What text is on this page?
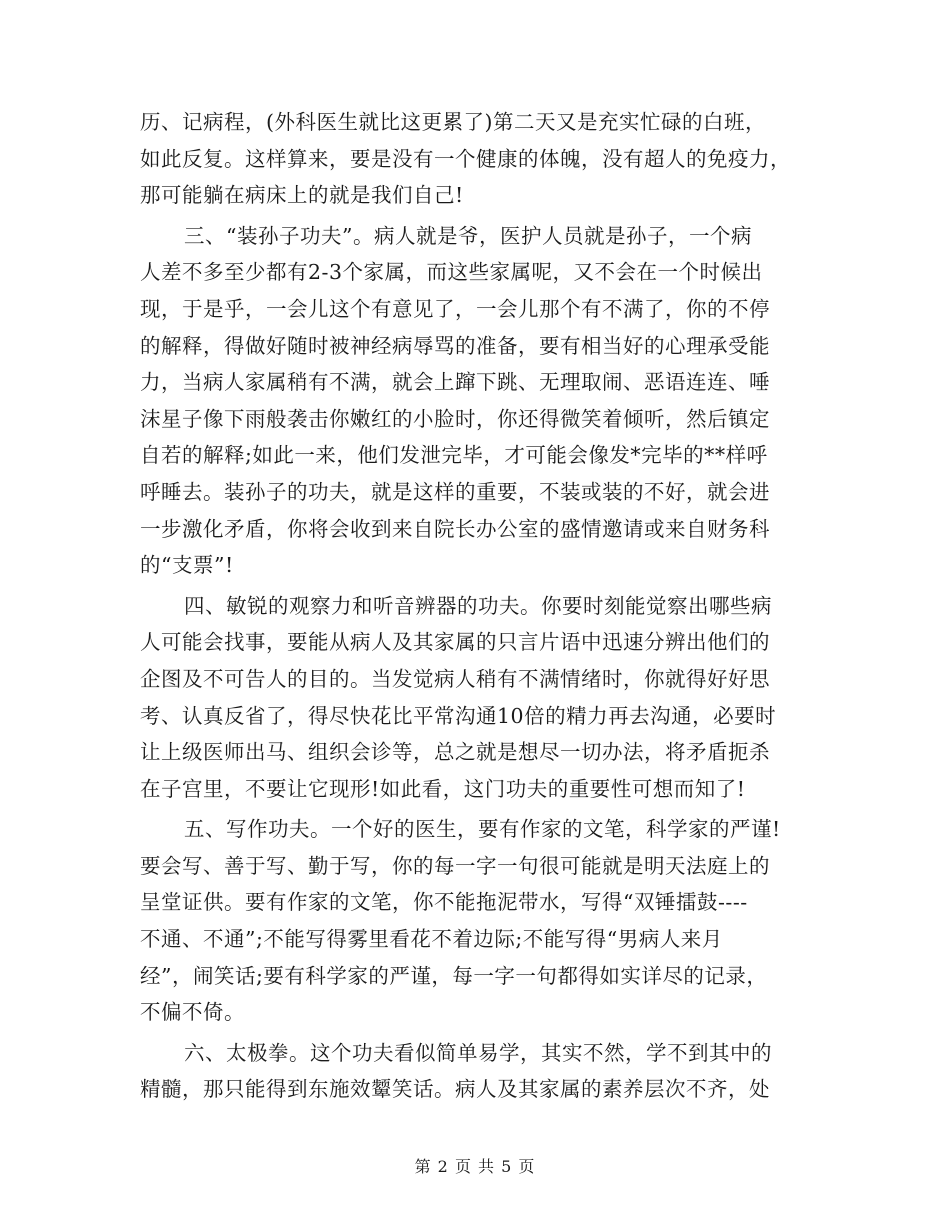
历、记病程，(外科医生就比这更累了)第二天又是充实忙碌的白班，
如此反复。这样算来，要是没有一个健康的体魄，没有超人的免疫力，
那可能躺在病床上的就是我们自己!
三、“装孙子功夫”。病人就是爷，医护人员就是孙子，一个病
人差不多至少都有2-3个家属，而这些家属呢，又不会在一个时候出
现，于是乎，一会儿这个有意见了，一会儿那个有不满了，你的不停
的解释，得做好随时被神经病辱骂的准备，要有相当好的心理承受能
力，当病人家属稍有不满，就会上蹿下跳、无理取闹、恶语连连、唾
沫星子像下雨般袭击你嫩红的小脸时，你还得微笑着倾听，然后镇定
自若的解释;如此一来，他们发泄完毕，才可能会像发*完毕的**样呼
呼睡去。装孙子的功夫，就是这样的重要，不装或装的不好，就会进
一步激化矛盾，你将会收到来自院长办公室的盛情邀请或来自财务科
的“支票”!
四、敏锐的观察力和听音辨器的功夫。你要时刻能觉察出哪些病
人可能会找事，要能从病人及其家属的只言片语中迅速分辨出他们的
企图及不可告人的目的。当发觉病人稍有不满情绪时，你就得好好思
考、认真反省了，得尽快花比平常沟通10倍的精力再去沟通，必要时
让上级医师出马、组织会诊等，总之就是想尽一切办法，将矛盾扼杀
在子宫里，不要让它现形!如此看，这门功夫的重要性可想而知了!
五、写作功夫。一个好的医生，要有作家的文笔，科学家的严谨!
要会写、善于写、勤于写，你的每一字一句很可能就是明天法庭上的
呈堂证供。要有作家的文笔，你不能拖泥带水，写得“双锤擂鼓----
不通、不通”;不能写得雾里看花不着边际;不能写得“男病人来月
经”，闹笑话;要有科学家的严谨，每一字一句都得如实详尽的记录，
不偏不倚。
六、太极拳。这个功夫看似简单易学，其实不然，学不到其中的
精髓，那只能得到东施效颦笑话。病人及其家属的素养层次不齐，处
第 2 页 共 5 页
